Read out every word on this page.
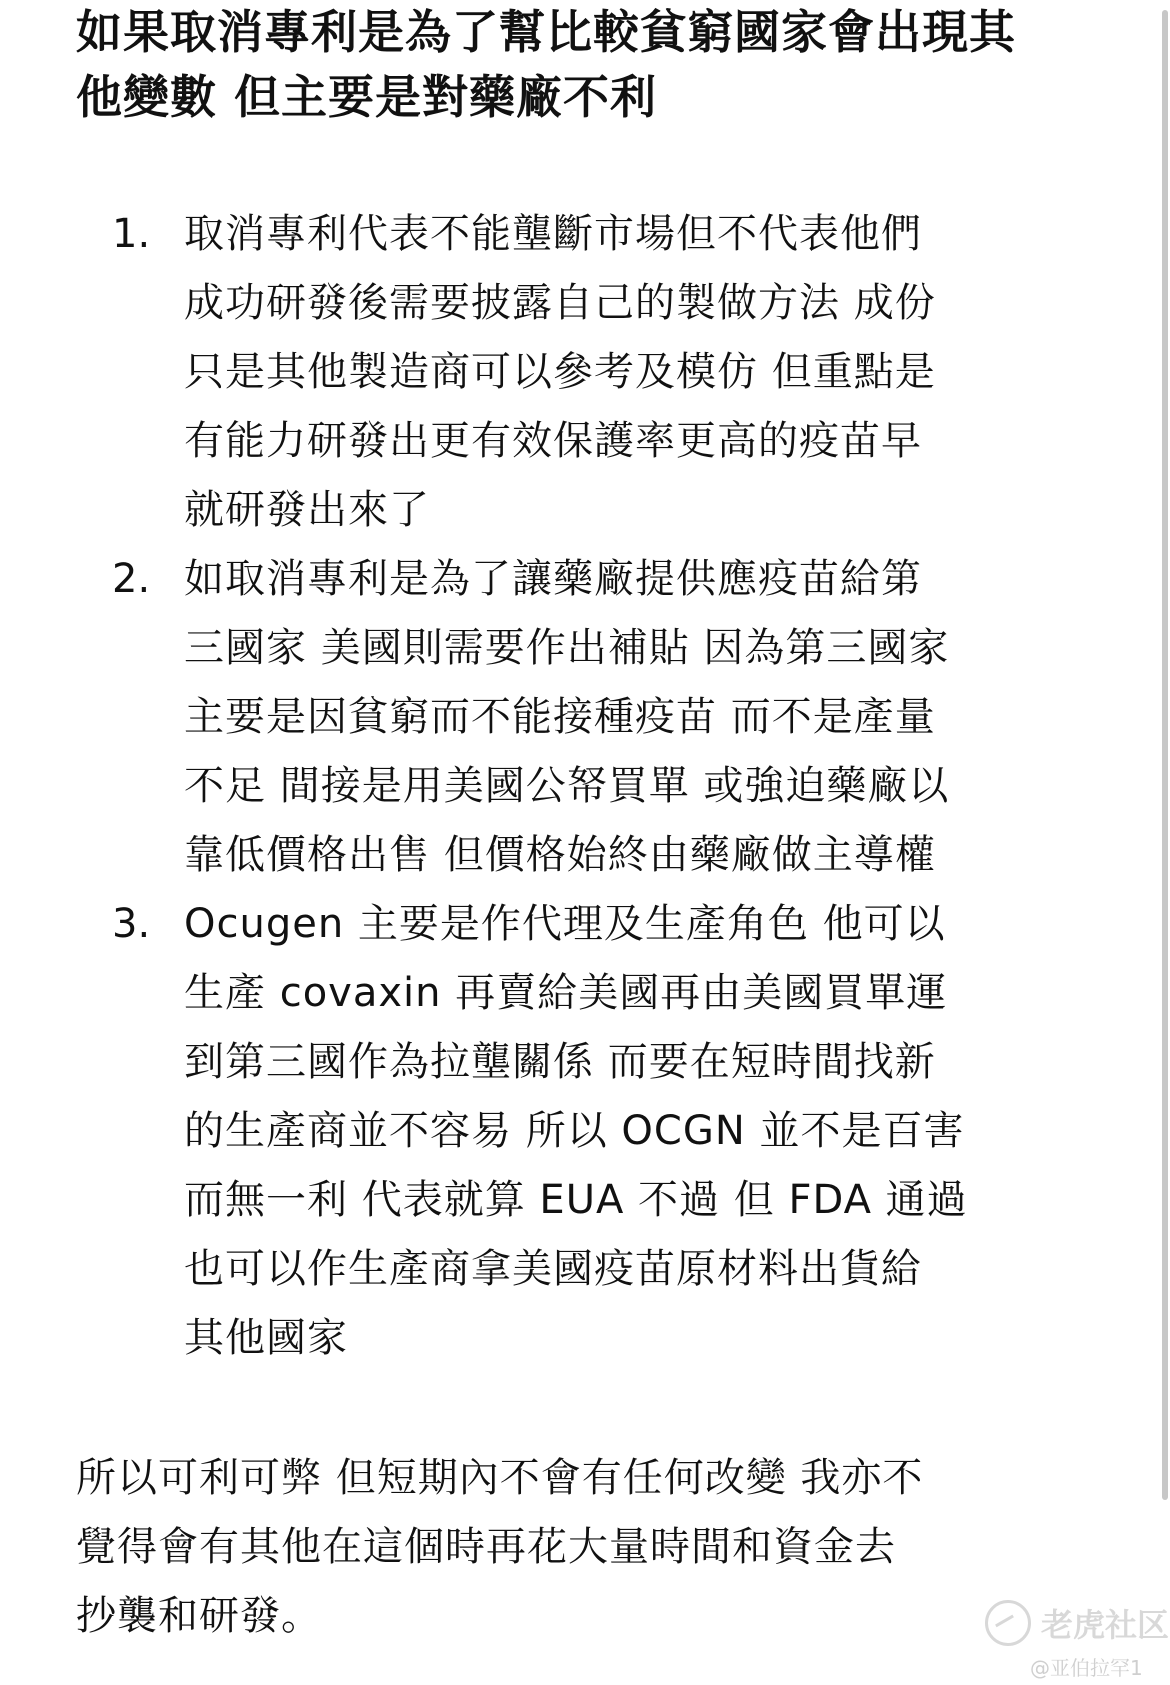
如果取消專利是為了幫比較貧窮國家會出現其
他變數 但主要是對藥廠不利
1. 取消專利代表不能壟斷市場但不代表他們
成功研發後需要披露自己的製做方法 成份
只是其他製造商可以參考及模仿 但重點是
有能力研發出更有效保護率更高的疫苗早
就研發出來了
2. 如取消專利是為了讓藥廠提供應疫苗給第
三國家 美國則需要作出補貼 因為第三國家
主要是因貧窮而不能接種疫苗 而不是產量
不足 間接是用美國公帑買單 或強迫藥廠以
靠低價格出售 但價格始終由藥廠做主導權
3. Ocugen 主要是作代理及生產角色 他可以
生產 covaxin 再賣給美國再由美國買單運
到第三國作為拉壟關係 而要在短時間找新
的生產商並不容易 所以 OCGN 並不是百害
而無一利 代表就算 EUA 不過 但 FDA 通過
也可以作生產商拿美國疫苗原材料出貨給
其他國家
所以可利可弊 但短期內不會有任何改變 我亦不
覺得會有其他在這個時再花大量時間和資金去
抄襲和研發。	老虎社区
@亚伯拉罕1
